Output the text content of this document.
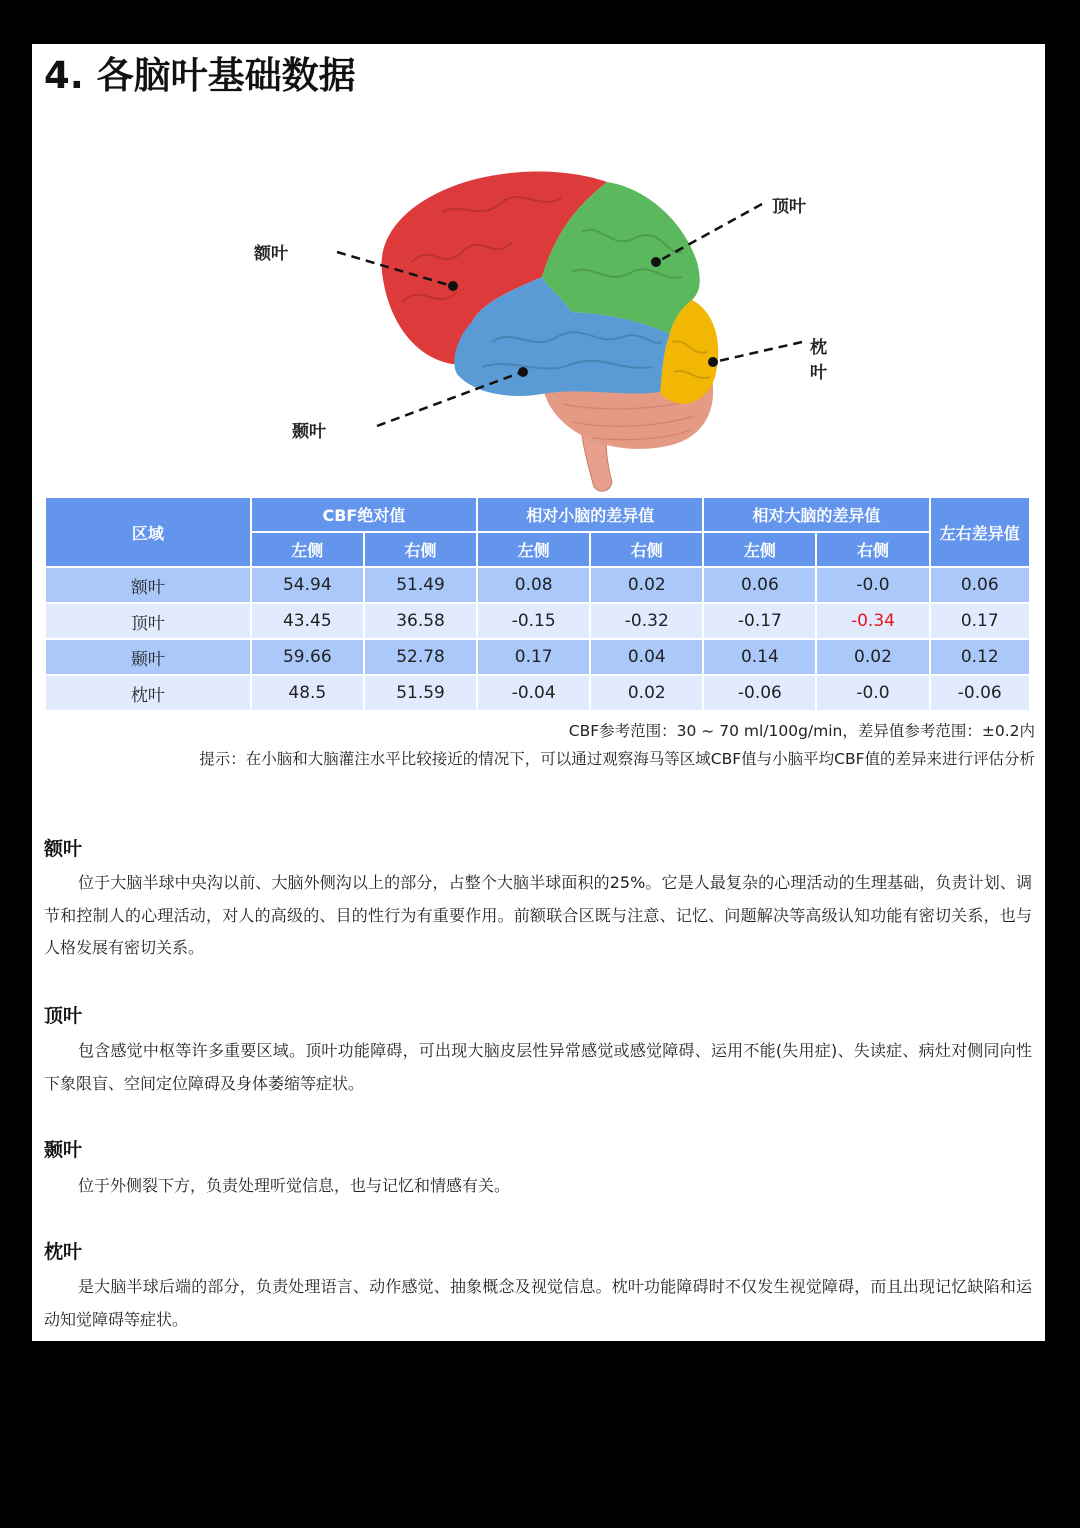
4. 各脑叶基础数据
额叶
顶叶
枕叶
颞叶
区域	CBF绝对值		相对小脑的差异值		相对大脑的差异值		左右差异值
	左侧	右侧	左侧	右侧	左侧	右侧	
额叶	54.94	51.49	0.08	0.02	0.06	-0.0	0.06
顶叶	43.45	36.58	-0.15	-0.32	-0.17	-0.34	0.17
颞叶	59.66	52.78	0.17	0.04	0.14	0.02	0.12
枕叶	48.5	51.59	-0.04	0.02	-0.06	-0.0	-0.06
CBF参考范围：30 ~ 70 ml/100g/min，差异值参考范围：±0.2内
提示：在小脑和大脑灌注水平比较接近的情况下，可以通过观察海马等区域CBF值与小脑平均CBF值的差异来进行评估分析
额叶

位于大脑半球中央沟以前、大脑外侧沟以上的部分，占整个大脑半球面积的25%。它是人最复杂的心理活动的生理基础，负责计划、调节和控制人的心理活动，对人的高级的、目的性行为有重要作用。前额联合区既与注意、记忆、问题解决等高级认知功能有密切关系，也与人格发展有密切关系。

顶叶

包含感觉中枢等许多重要区域。顶叶功能障碍，可出现大脑皮层性异常感觉或感觉障碍、运用不能(失用症)、失读症、病灶对侧同向性下象限盲、空间定位障碍及身体萎缩等症状。

颞叶

位于外侧裂下方，负责处理听觉信息，也与记忆和情感有关。

枕叶

是大脑半球后端的部分，负责处理语言、动作感觉、抽象概念及视觉信息。枕叶功能障碍时不仅发生视觉障碍，而且出现记忆缺陷和运动知觉障碍等症状。
